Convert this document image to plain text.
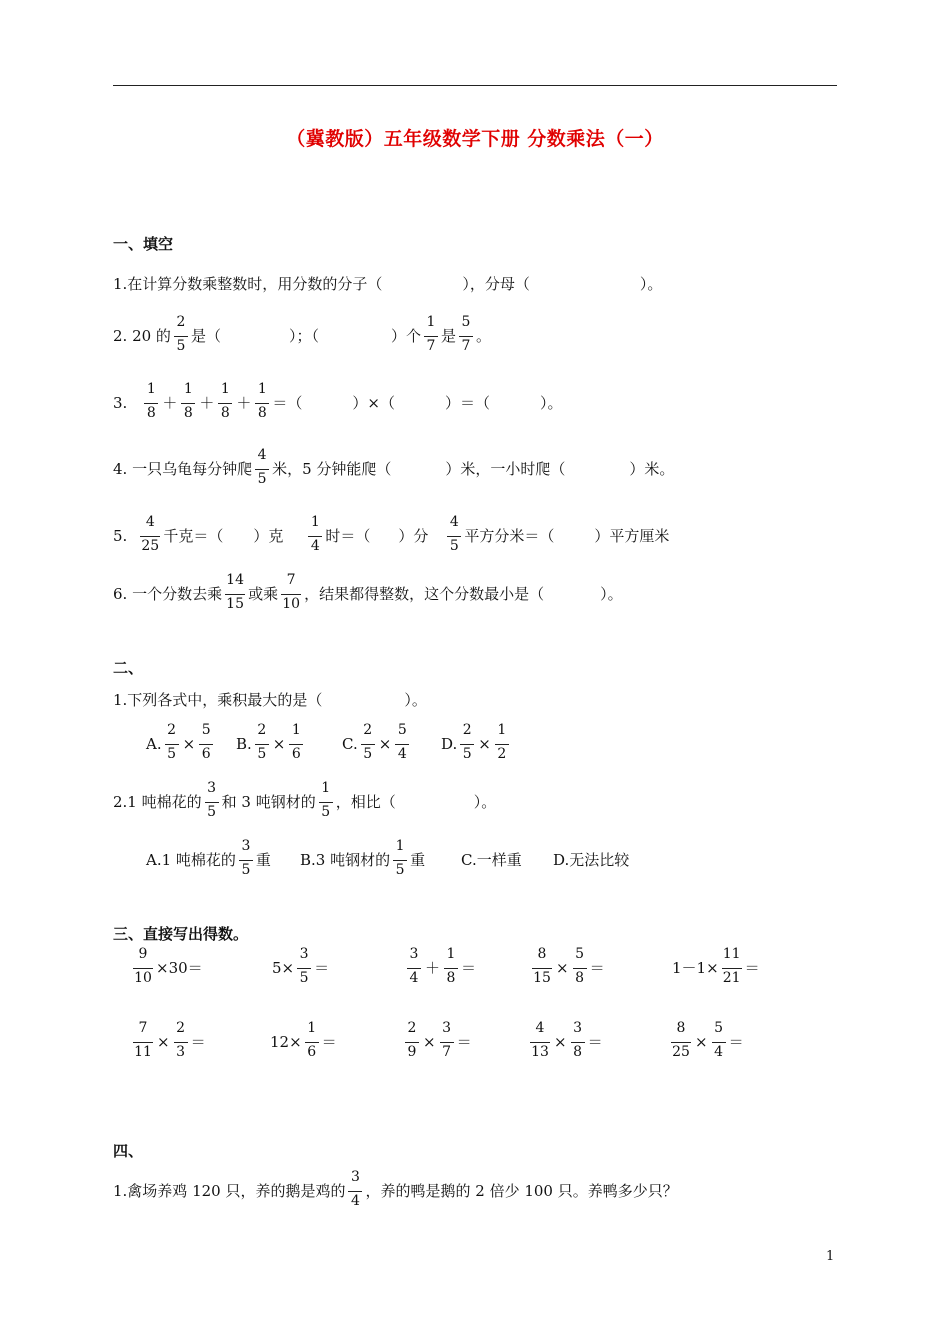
（冀教版）五年级数学下册 分数乘法（一）
一、填空
1.在计算分数乘整数时，用分数的分子（	），分母（	）。
2. 20 的 $\frac{2}{5}$ 是（	）；（	）个 $\frac{1}{7}$ 是 $\frac{5}{7}$ 。
3. $\frac{1}{8} + \frac{1}{8} + \frac{1}{8} + \frac{1}{8}$ ＝（	）×（	）＝（	）。
4. 一只乌龟每分钟爬 $\frac{4}{5}$ 米，5 分钟能爬（	）米，一小时爬（	）米。
5. $\frac{4}{25}$ 千克＝（ ）克 $\frac{1}{4}$ 时＝（ ）分 $\frac{4}{5}$ 平方分米＝（	）平方厘米
6. 一个分数去乘 $\frac{14}{15}$ 或乘 $\frac{7}{10}$ ，结果都得整数，这个分数最小是（	）。
二、
1.下列各式中，乘积最大的是（	）。
A. $\frac{2}{5} \times \frac{5}{6} B$. $\frac{2}{5} \times \frac{1}{6} C$. $\frac{2}{5} \times \frac{5}{4} D$. $\frac{2}{5} \times \frac{1}{2}$
2.1 吨棉花的 $\frac{3}{5}$ 和 3 吨钢材的 $\frac{1}{5}$ ，相比（	）。
A.1 吨棉花的 $\frac{3}{5}$ 重 B.3 吨钢材的 $\frac{1}{5}$ 重 C.一样重 D.无法比较
三、直接写出得数。
$\frac{9}{10} \times 30=$	$5\times \frac{3}{5}$ ＝	$\frac{3}{4} + \frac{1}{8}$ ＝	$\frac{8}{15} \times \frac{5}{8}$ ＝	$1-1\times \frac{11}{21}$ ＝
$\frac{7}{11} \times \frac{2}{3}$ ＝	$12\times \frac{1}{6}$ ＝	$\frac{2}{9} \times \frac{3}{7}$ ＝	$\frac{4}{13} \times \frac{3}{8}$ ＝	$\frac{8}{25} \times \frac{5}{4}$ ＝
四、
1.禽场养鸡 120 只，养的鹅是鸡的 $\frac{3}{4}$ ，养的鸭是鹅的 2 倍少 100 只。养鸭多少只？
1
